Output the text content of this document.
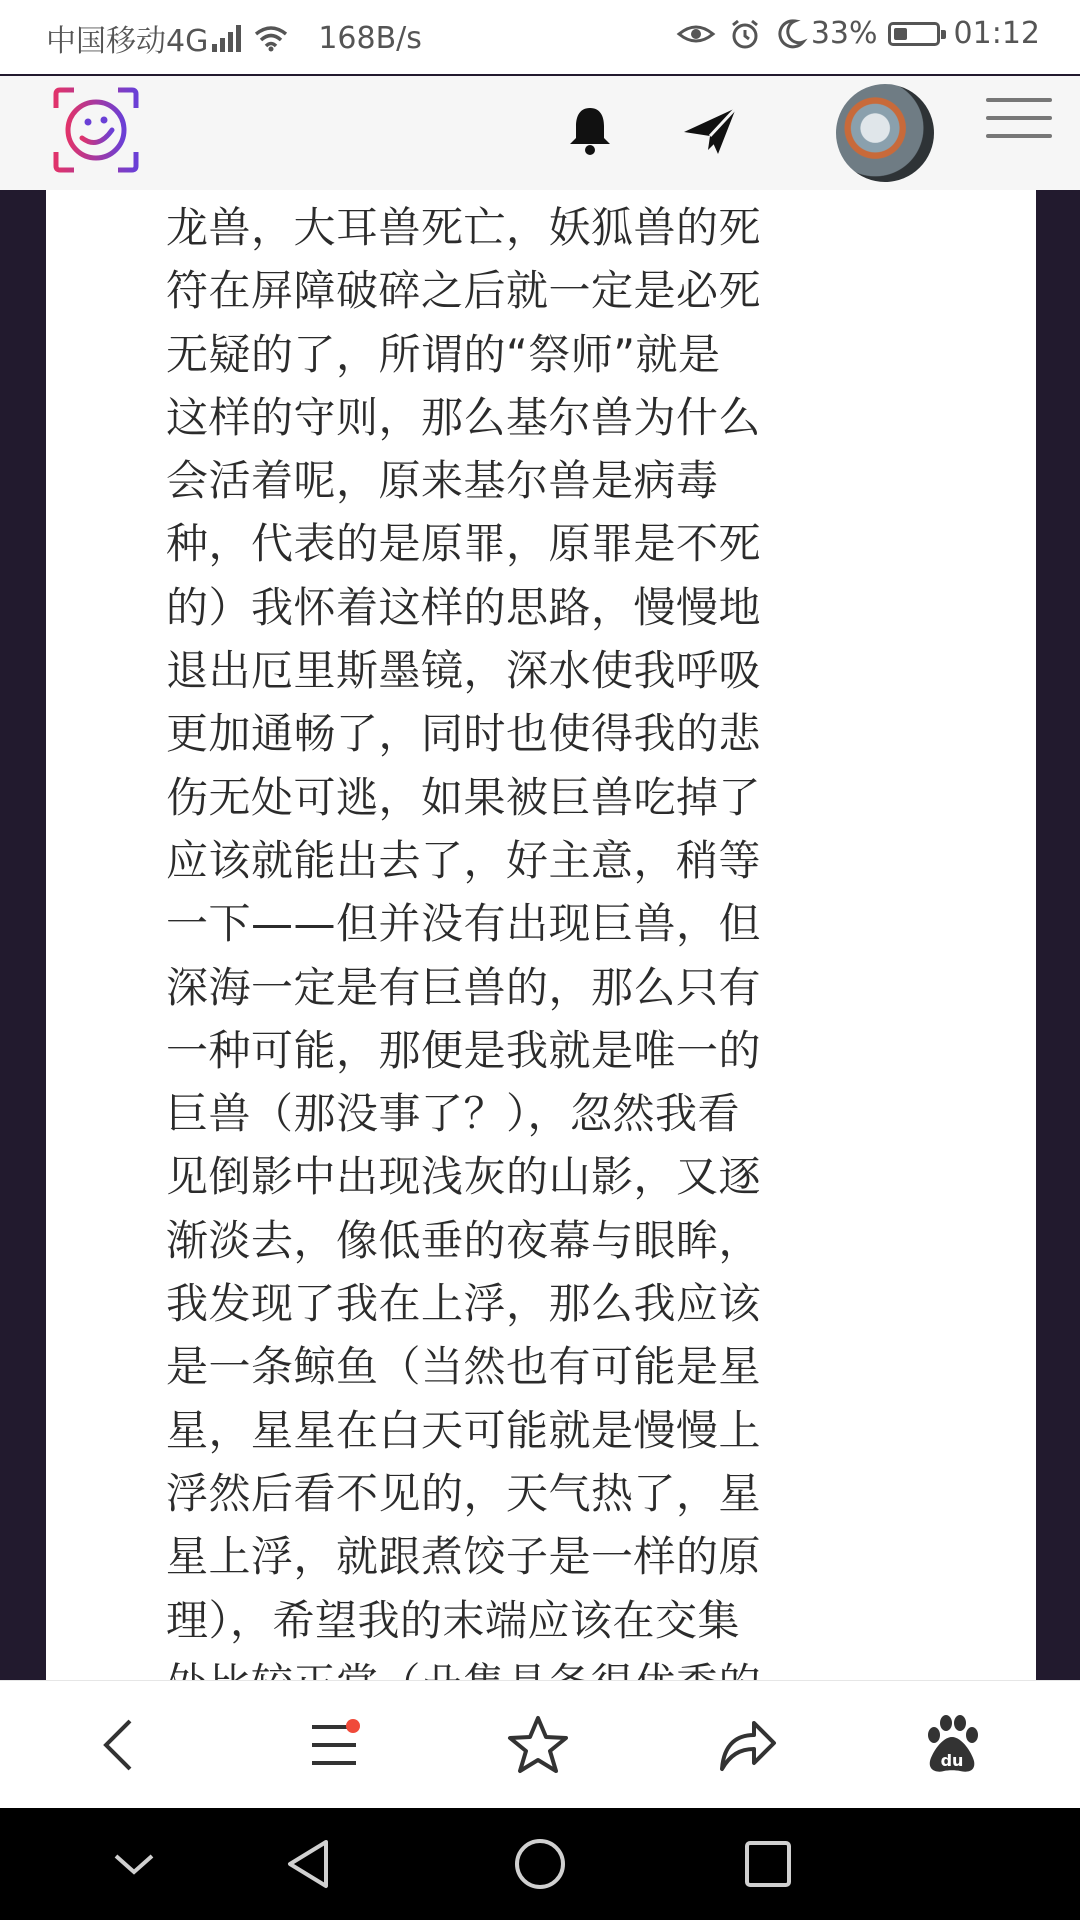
中国移动4G	168B/s	33%	01:12

龙兽，大耳兽死亡，妖狐兽的死
符在屏障破碎之后就一定是必死
无疑的了，所谓的“祭师”就是
这样的守则，那么基尔兽为什么
会活着呢，原来基尔兽是病毒
种，代表的是原罪，原罪是不死
的）我怀着这样的思路，慢慢地
退出厄里斯墨镜，深水使我呼吸
更加通畅了，同时也使得我的悲
伤无处可逃，如果被巨兽吃掉了
应该就能出去了，好主意，稍等
一下——但并没有出现巨兽，但
深海一定是有巨兽的，那么只有
一种可能，那便是我就是唯一的
巨兽（那没事了？），忽然我看
见倒影中出现浅灰的山影，又逐
渐淡去，像低垂的夜幕与眼眸，
我发现了我在上浮，那么我应该
是一条鲸鱼（当然也有可能是星
星，星星在白天可能就是慢慢上
浮然后看不见的，天气热了，星
星上浮，就跟煮饺子是一样的原
理），希望我的末端应该在交集

du
